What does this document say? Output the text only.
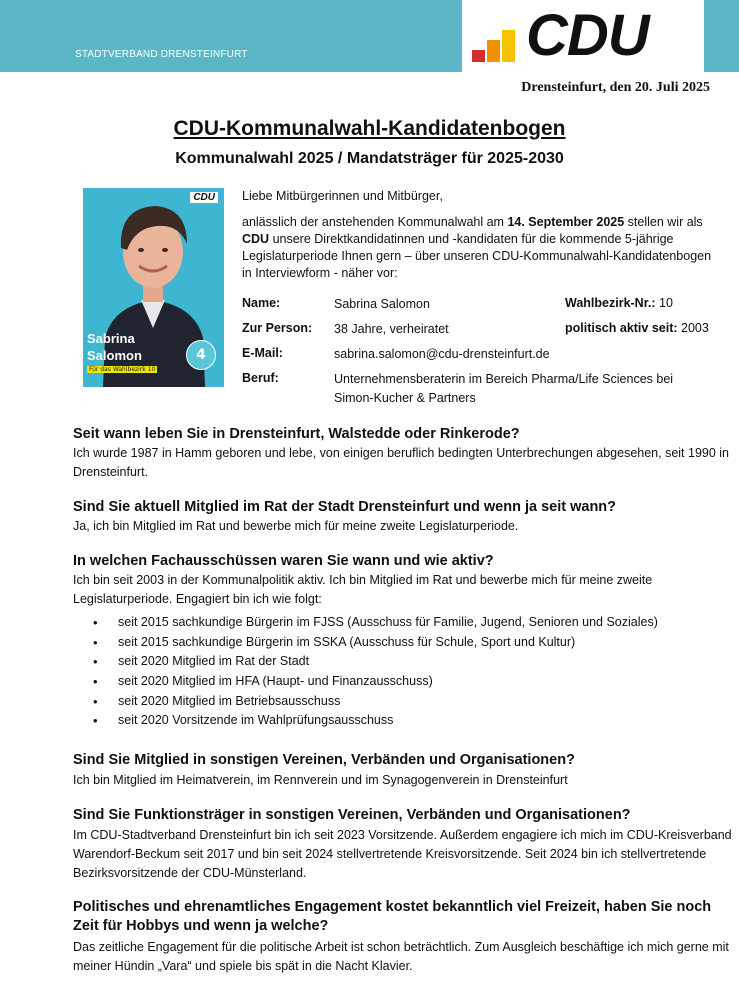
STADTVERBAND DRENSTEINFURT	CDU
Drensteinfurt, den 20. Juli 2025
CDU-Kommunalwahl-Kandidatenbogen
Kommunalwahl 2025 / Mandatsträger für 2025-2030
CDU
Sabrina
Salomon
Für das Wahlbezirk 10
4
Liebe Mitbürgerinnen und Mitbürger,
anlässlich der anstehenden Kommunalwahl am 14. September 2025 stellen wir als CDU unsere Direktkandidatinnen und -kandidaten für die kommende 5-jährige Legislaturperiode Ihnen gern – über unseren CDU-Kommunalwahl-Kandidatenbogen in Interviewform - näher vor:
Name:	Sabrina Salomon	Wahlbezirk-Nr.: 10
Zur Person: 38 Jahre, verheiratet	politisch aktiv seit: 2003
E-Mail:	sabrina.salomon@cdu-drensteinfurt.de
Beruf:	Unternehmensberaterin im Bereich Pharma/Life Sciences bei
Simon-Kucher & Partners
Seit wann leben Sie in Drensteinfurt, Walstedde oder Rinkerode?
Ich wurde 1987 in Hamm geboren und lebe, von einigen beruflich bedingten Unterbrechungen abgesehen, seit 1990 in Drensteinfurt.
Sind Sie aktuell Mitglied im Rat der Stadt Drensteinfurt und wenn ja seit wann?
Ja, ich bin Mitglied im Rat und bewerbe mich für meine zweite Legislaturperiode.
In welchen Fachausschüssen waren Sie wann und wie aktiv?
Ich bin seit 2003 in der Kommunalpolitik aktiv. Ich bin Mitglied im Rat und bewerbe mich für meine zweite Legislaturperiode. Engagiert bin ich wie folgt:
• seit 2015 sachkundige Bürgerin im FJSS (Ausschuss für Familie, Jugend, Senioren und Soziales)
• seit 2015 sachkundige Bürgerin im SSKA (Ausschuss für Schule, Sport und Kultur)
• seit 2020 Mitglied im Rat der Stadt
• seit 2020 Mitglied im HFA (Haupt- und Finanzausschuss)
• seit 2020 Mitglied im Betriebsausschuss
• seit 2020 Vorsitzende im Wahlprüfungsausschuss
Sind Sie Mitglied in sonstigen Vereinen, Verbänden und Organisationen?
Ich bin Mitglied im Heimatverein, im Rennverein und im Synagogenverein in Drensteinfurt
Sind Sie Funktionsträger in sonstigen Vereinen, Verbänden und Organisationen?
Im CDU-Stadtverband Drensteinfurt bin ich seit 2023 Vorsitzende. Außerdem engagiere ich mich im CDU-Kreisverband Warendorf-Beckum seit 2017 und bin seit 2024 stellvertretende Kreisvorsitzende. Seit 2024 bin ich stellvertretende Bezirksvorsitzende der CDU-Münsterland.
Politisches und ehrenamtliches Engagement kostet bekanntlich viel Freizeit, haben Sie noch Zeit für Hobbys und wenn ja welche?
Das zeitliche Engagement für die politische Arbeit ist schon beträchtlich. Zum Ausgleich beschäftige ich mich gerne mit meiner Hündin „Vara“ und spiele bis spät in die Nacht Klavier.
